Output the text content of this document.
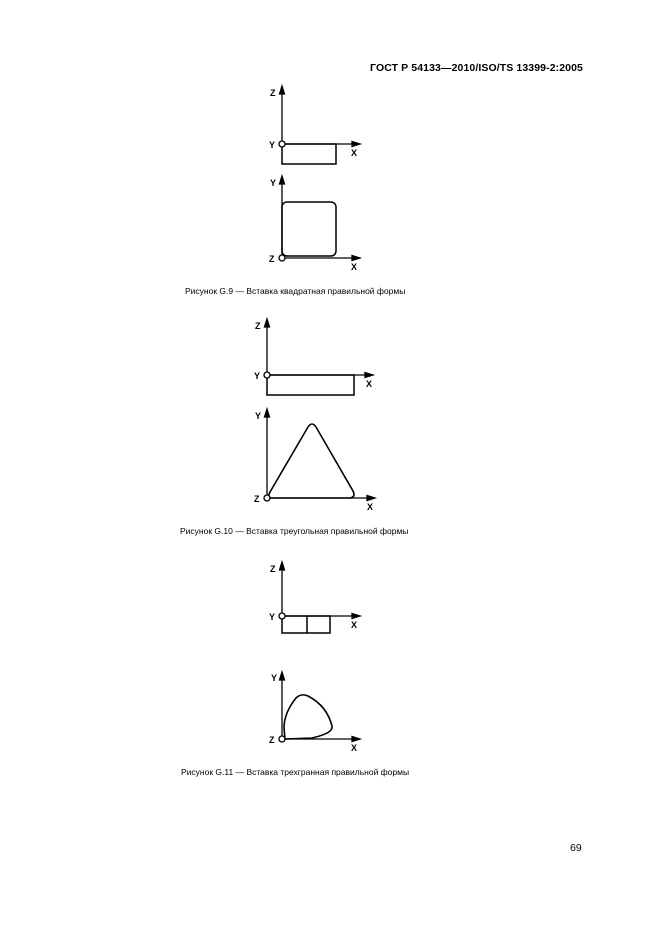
ГОСТ Р 54133—2010/ISO/TS 13399-2:2005
Z
Y
X
Y
Z
X
Рисунок G.9 — Вставка квадратная правильной формы
Z
Y
X
Y
Z
X
Рисунок G.10 — Вставка треугольная правильной формы
Z
Y
X
Y
Z
X
Рисунок G.11 — Вставка трехгранная правильной формы
69
